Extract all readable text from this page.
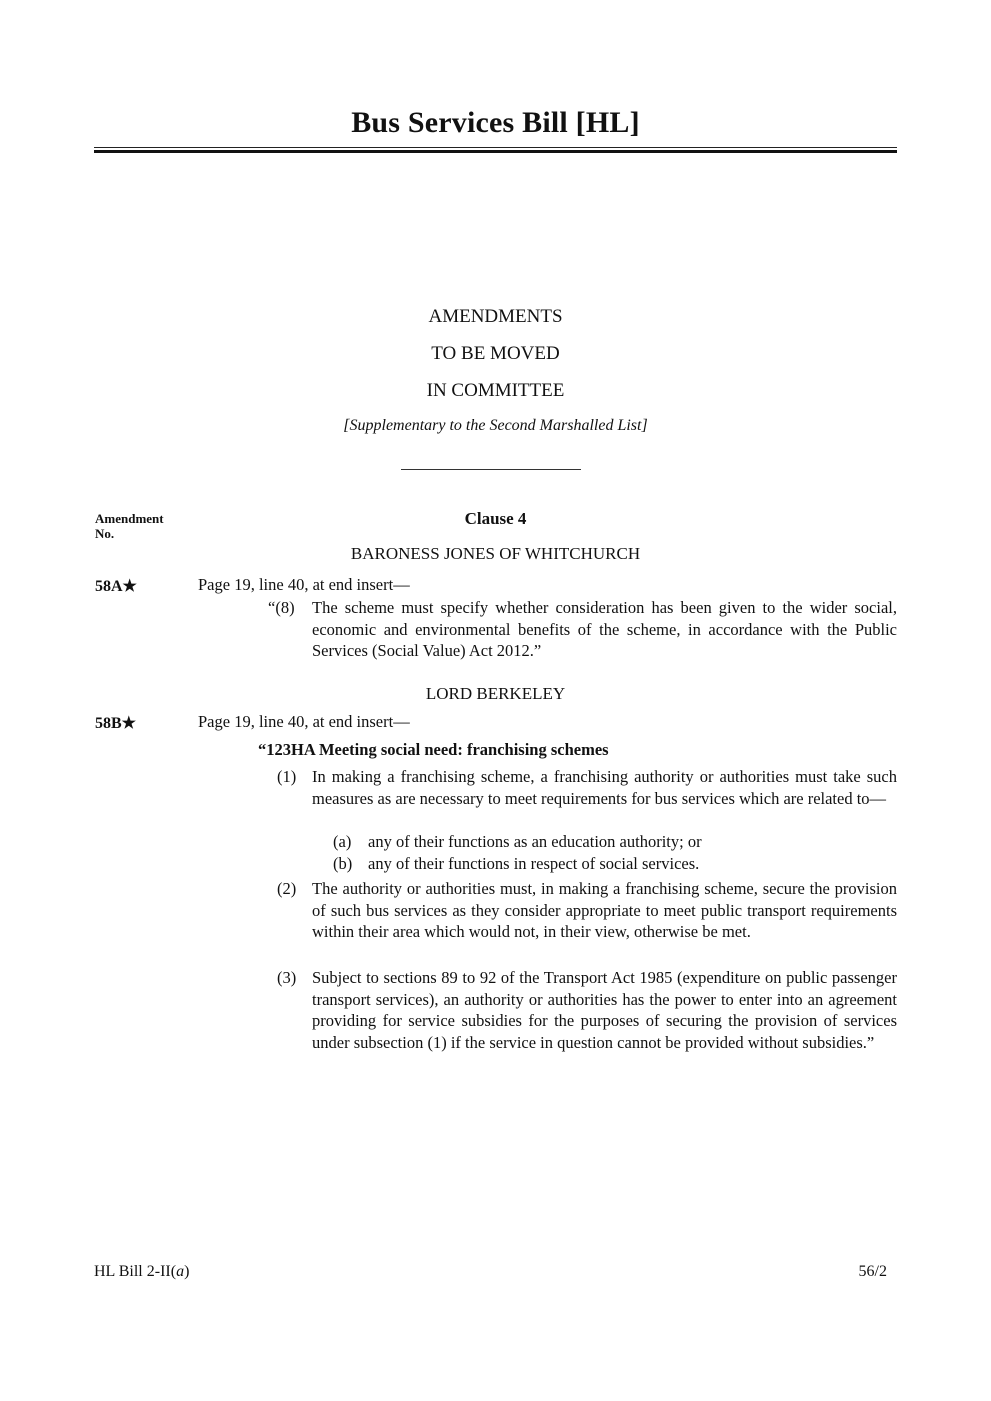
Bus Services Bill [HL]
AMENDMENTS
TO BE MOVED
IN COMMITTEE
[Supplementary to the Second Marshalled List]
Amendment No.
Clause 4
BARONESS JONES OF WHITCHURCH
58A★	Page 19, line 40, at end insert—
“(8) The scheme must specify whether consideration has been given to the wider social, economic and environmental benefits of the scheme, in accordance with the Public Services (Social Value) Act 2012.”
LORD BERKELEY
58B★	Page 19, line 40, at end insert—
“123HA Meeting social need: franchising schemes
(1) In making a franchising scheme, a franchising authority or authorities must take such measures as are necessary to meet requirements for bus services which are related to—
(a) any of their functions as an education authority; or
(b) any of their functions in respect of social services.
(2) The authority or authorities must, in making a franchising scheme, secure the provision of such bus services as they consider appropriate to meet public transport requirements within their area which would not, in their view, otherwise be met.
(3) Subject to sections 89 to 92 of the Transport Act 1985 (expenditure on public passenger transport services), an authority or authorities has the power to enter into an agreement providing for service subsidies for the purposes of securing the provision of services under subsection (1) if the service in question cannot be provided without subsidies.”
HL Bill 2-II(a)	56/2
